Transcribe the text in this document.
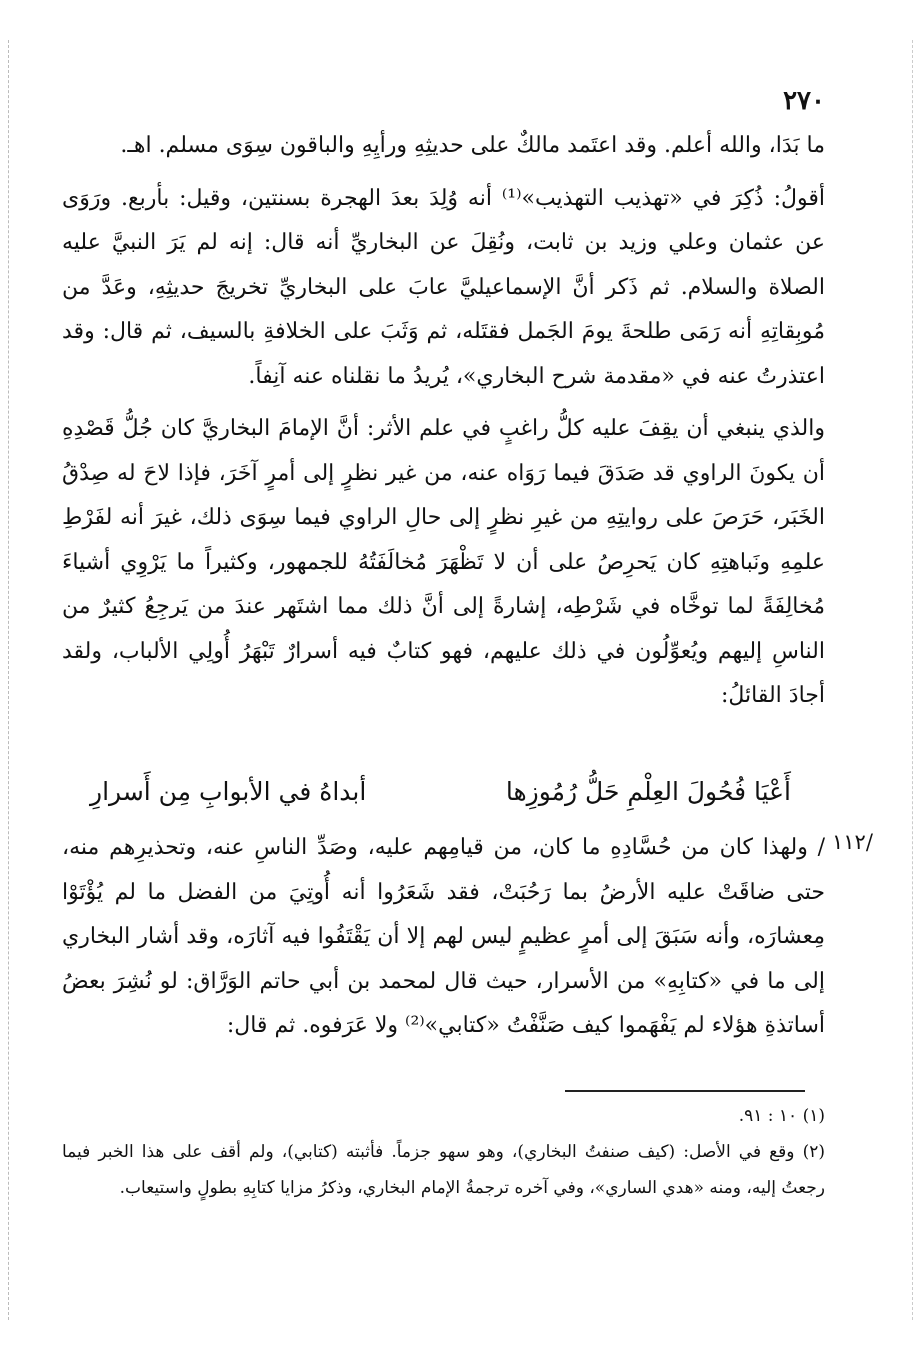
٢٧٠

ما بَدَا، والله أعلم. وقد اعتَمد مالكٌ على حديثِهِ ورأيِهِ والباقون سِوَى مسلم. اهـ.

أقولُ: ذُكِرَ في «تهذيب التهذيب»⁽¹⁾ أنه وُلِدَ بعدَ الهجرة بسنتين، وقيل: بأربع. ورَوَى عن عثمان وعلي وزيد بن ثابت، ونُقِلَ عن البخاريِّ أنه قال: إنه لم يَرَ النبيَّ عليه الصلاة والسلام. ثم ذَكر أنَّ الإسماعيليَّ عابَ على البخاريِّ تخريجَ حديثِهِ، وعَدَّ من مُوبِقاتِهِ أنه رَمَى طلحةَ يومَ الجَمل فقتَله، ثم وَثَبَ على الخلافةِ بالسيف، ثم قال: وقد اعتذرتُ عنه في «مقدمة شرح البخاري»، يُريدُ ما نقلناه عنه آنِفاً.

والذي ينبغي أن يقِفَ عليه كلُّ راغبٍ في علم الأثر: أنَّ الإمامَ البخاريَّ كان جُلُّ قَصْدِهِ أن يكونَ الراوي قد صَدَقَ فيما رَوَاه عنه، من غير نظرٍ إلى أمرٍ آخَرَ، فإذا لاحَ له صِدْقُ الخَبَر، حَرَصَ على روايتِهِ من غيرِ نظرٍ إلى حالِ الراوي فيما سِوَى ذلك، غيرَ أنه لفَرْطِ علمِهِ ونَباهتِهِ كان يَحرِصُ على أن لا تَظْهَرَ مُخالَفَتُهُ للجمهور، وكثيراً ما يَرْوِي أشياءَ مُخالِفَةً لما توخَّاه في شَرْطِه، إشارةً إلى أنَّ ذلك مما اشتَهر عندَ من يَرجِعُ كثيرٌ من الناسِ إليهم ويُعوِّلُون في ذلك عليهم، فهو كتابٌ فيه أسرارٌ تَبْهَرُ أُولِي الألباب، ولقد أجادَ القائلُ:

أَعْيَا فُحُولَ العِلْمِ حَلُّ رُمُوزِها
أبداهُ في الأبوابِ مِن أَسرارِ
/١١٢

/ ولهذا كان من حُسَّادِهِ ما كان، من قيامِهم عليه، وصَدِّ الناسِ عنه، وتحذيرِهم منه، حتى ضاقَتْ عليه الأرضُ بما رَحُبَتْ، فقد شَعَرُوا أنه أُوتِيَ من الفضل ما لم يُؤْتَوْا مِعشارَه، وأنه سَبَقَ إلى أمرٍ عظيمٍ ليس لهم إلا أن يَقْتَفُوا فيه آثارَه، وقد أشار البخاري إلى ما في «كتابِهِ» من الأسرار، حيث قال لمحمد بن أبي حاتم الوَرَّاق: لو نُشِرَ بعضُ أساتذةِ هؤلاء لم يَفْهَموا كيف صَنَّفْتُ «كتابي»⁽²⁾ ولا عَرَفوه. ثم قال:

(١) ١٠ : ٩١.

(٢) وقع في الأصل: (كيف صنفتُ البخاري)، وهو سهو جزماً. فأثبته (كتابي)، ولم أقف على هذا الخبر فيما رجعتُ إليه، ومنه «هدي الساري»، وفي آخره ترجمةُ الإمام البخاري، وذكرُ مزايا كتابِهِ بطولٍ واستيعاب.
